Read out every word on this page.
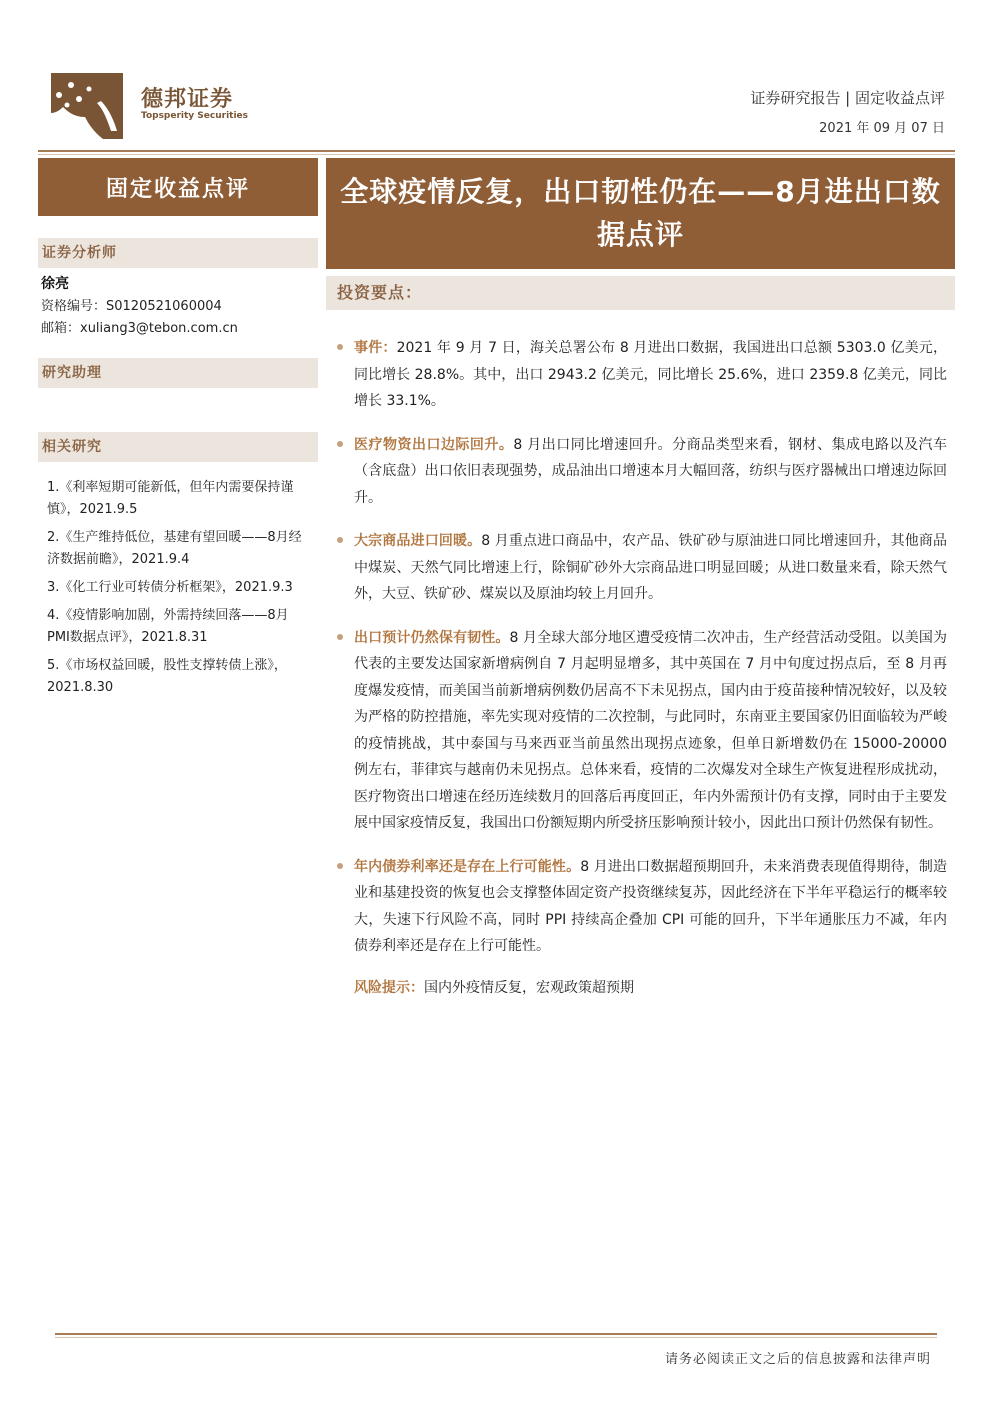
德邦证券
Topsperity Securities
证券研究报告 | 固定收益点评
2021 年 09 月 07 日
固定收益点评
证券分析师
徐亮
资格编号：S0120521060004
邮箱：xuliang3@tebon.com.cn
研究助理
相关研究
1.《利率短期可能新低，但年内需要保持谨慎》，2021.9.5
2.《生产维持低位，基建有望回暖——8月经济数据前瞻》，2021.9.4
3.《化工行业可转债分析框架》，2021.9.3
4.《疫情影响加剧，外需持续回落——8月PMI数据点评》，2021.8.31
5.《市场权益回暖，股性支撑转债上涨》，2021.8.30
全球疫情反复，出口韧性仍在——8月进出口数据点评
投资要点：
事件：2021 年 9 月 7 日，海关总署公布 8 月进出口数据，我国进出口总额 5303.0 亿美元，同比增长 28.8%。其中，出口 2943.2 亿美元，同比增长 25.6%，进口 2359.8 亿美元，同比增长 33.1%。
医疗物资出口边际回升。8 月出口同比增速回升。分商品类型来看，钢材、集成电路以及汽车（含底盘）出口依旧表现强势，成品油出口增速本月大幅回落，纺织与医疗器械出口增速边际回升。
大宗商品进口回暖。8 月重点进口商品中，农产品、铁矿砂与原油进口同比增速回升，其他商品中煤炭、天然气同比增速上行，除铜矿砂外大宗商品进口明显回暖；从进口数量来看，除天然气外，大豆、铁矿砂、煤炭以及原油均较上月回升。
出口预计仍然保有韧性。8 月全球大部分地区遭受疫情二次冲击，生产经营活动受阻。以美国为代表的主要发达国家新增病例自 7 月起明显增多，其中英国在 7 月中旬度过拐点后，至 8 月再度爆发疫情，而美国当前新增病例数仍居高不下未见拐点，国内由于疫苗接种情况较好，以及较为严格的防控措施，率先实现对疫情的二次控制，与此同时，东南亚主要国家仍旧面临较为严峻的疫情挑战，其中泰国与马来西亚当前虽然出现拐点迹象，但单日新增数仍在 15000-20000 例左右，菲律宾与越南仍未见拐点。总体来看，疫情的二次爆发对全球生产恢复进程形成扰动，医疗物资出口增速在经历连续数月的回落后再度回正，年内外需预计仍有支撑，同时由于主要发展中国家疫情反复，我国出口份额短期内所受挤压影响预计较小，因此出口预计仍然保有韧性。
年内债券利率还是存在上行可能性。8 月进出口数据超预期回升，未来消费表现值得期待，制造业和基建投资的恢复也会支撑整体固定资产投资继续复苏，因此经济在下半年平稳运行的概率较大，失速下行风险不高，同时 PPI 持续高企叠加 CPI 可能的回升，下半年通胀压力不减，年内债券利率还是存在上行可能性。
风险提示：国内外疫情反复，宏观政策超预期
请务必阅读正文之后的信息披露和法律声明
